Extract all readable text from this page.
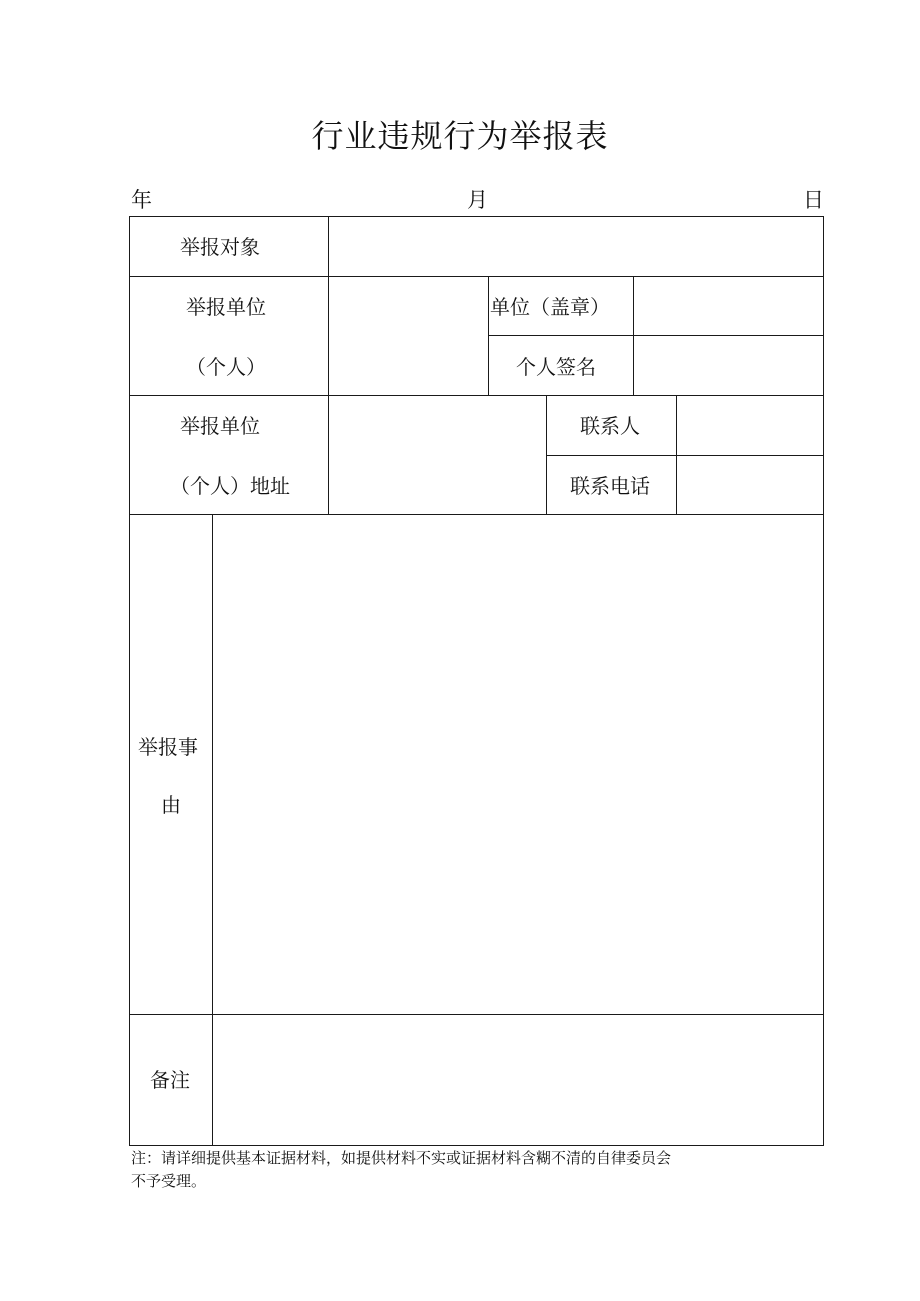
行业违规行为举报表
年	月	日
举报对象
举报单位
（个人）
单位（盖章）
个人签名
举报单位
（个人）地址
联系人
联系电话
举报事
由
备注
注：请详细提供基本证据材料，如提供材料不实或证据材料含糊不清的自律委员会
不予受理。
